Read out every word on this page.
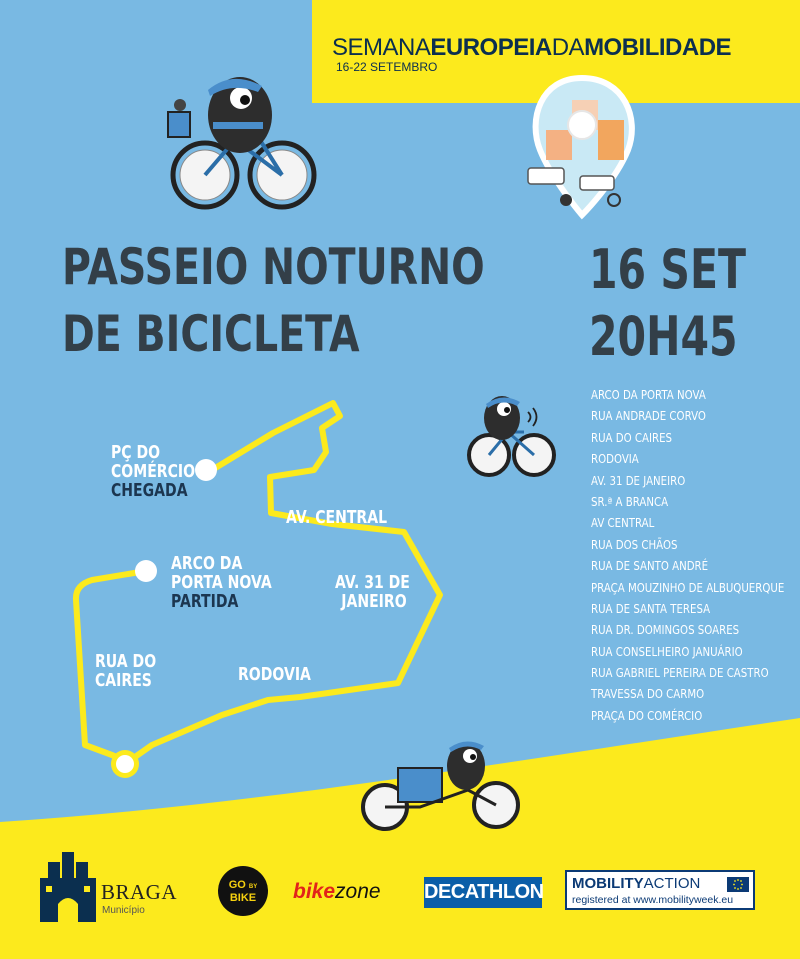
SEMANAEUROPEIADAMOBILIDADE
16-22 SETEMBRO
PASSEIO NOTURNO
DE BICICLETA
16 SET
20H45
PÇ DO
COMÉRCIO
CHEGADA
ARCO DA
PORTA NOVA
PARTIDA
AV. CENTRAL
AV. 31 DE
JANEIRO
RUA DO
CAIRES	RODOVIA
ARCO DA PORTA NOVA
RUA ANDRADE CORVO
RUA DO CAIRES
RODOVIA
AV. 31 DE JANEIRO
SR.ª A BRANCA
AV CENTRAL
RUA DOS CHÃOS
RUA DE SANTO ANDRÉ
PRAÇA MOUZINHO DE ALBUQUERQUE
RUA DE SANTA TERESA
RUA DR. DOMINGOS SOARES
RUA CONSELHEIRO JANUÁRIO
RUA GABRIEL PEREIRA DE CASTRO
TRAVESSA DO CARMO
PRAÇA DO COMÉRCIO
BRAGA
Município
GO BY
BIKE	bikezone DECATHLON MOBILITYACTION
registered at www.mobilityweek.eu
